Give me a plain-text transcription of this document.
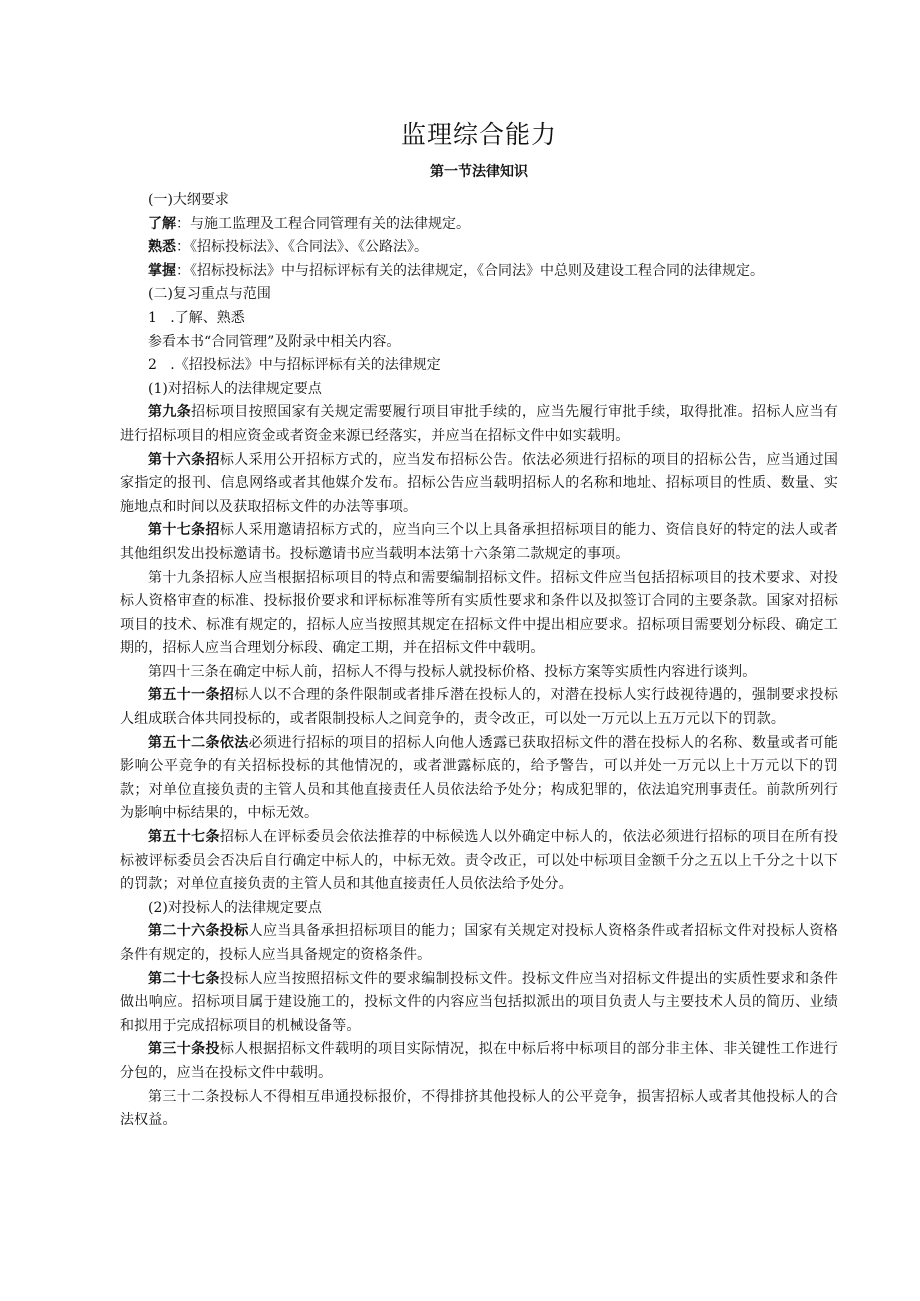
监理综合能力
第一节法律知识

(一)大纲要求

了解：与施工监理及工程合同管理有关的法律规定。

熟悉：《招标投标法》、《合同法》、《公路法》。

掌握：《招标投标法》中与招标评标有关的法律规定，《合同法》中总则及建设工程合同的法律规定。

(二)复习重点与范围

1   .了解、熟悉

参看本书“合同管理”及附录中相关内容。

2   .《招投标法》中与招标评标有关的法律规定

(1)对招标人的法律规定要点

第九条招标项目按照国家有关规定需要履行项目审批手续的，应当先履行审批手续，取得批准。招标人应当有进行招标项目的相应资金或者资金来源已经落实，并应当在招标文件中如实载明。

第十六条招标人采用公开招标方式的，应当发布招标公告。依法必须进行招标的项目的招标公告，应当通过国家指定的报刊、信息网络或者其他媒介发布。招标公告应当载明招标人的名称和地址、招标项目的性质、数量、实施地点和时间以及获取招标文件的办法等事项。

第十七条招标人采用邀请招标方式的，应当向三个以上具备承担招标项目的能力、资信良好的特定的法人或者其他组织发出投标邀请书。投标邀请书应当载明本法第十六条第二款规定的事项。

第十九条招标人应当根据招标项目的特点和需要编制招标文件。招标文件应当包括招标项目的技术要求、对投标人资格审查的标准、投标报价要求和评标标准等所有实质性要求和条件以及拟签订合同的主要条款。国家对招标项目的技术、标准有规定的，招标人应当按照其规定在招标文件中提出相应要求。招标项目需要划分标段、确定工期的，招标人应当合理划分标段、确定工期，并在招标文件中载明。

第四十三条在确定中标人前，招标人不得与投标人就投标价格、投标方案等实质性内容进行谈判。

第五十一条招标人以不合理的条件限制或者排斥潜在投标人的，对潜在投标人实行歧视待遇的，强制要求投标人组成联合体共同投标的，或者限制投标人之间竞争的，责令改正，可以处一万元以上五万元以下的罚款。

第五十二条依法必须进行招标的项目的招标人向他人透露已获取招标文件的潜在投标人的名称、数量或者可能影响公平竞争的有关招标投标的其他情况的，或者泄露标底的，给予警告，可以并处一万元以上十万元以下的罚款；对单位直接负责的主管人员和其他直接责任人员依法给予处分；构成犯罪的，依法追究刑事责任。前款所列行为影响中标结果的，中标无效。

第五十七条招标人在评标委员会依法推荐的中标候选人以外确定中标人的，依法必须进行招标的项目在所有投标被评标委员会否决后自行确定中标人的，中标无效。责令改正，可以处中标项目金额千分之五以上千分之十以下的罚款；对单位直接负责的主管人员和其他直接责任人员依法给予处分。

(2)对投标人的法律规定要点

第二十六条投标人应当具备承担招标项目的能力；国家有关规定对投标人资格条件或者招标文件对投标人资格条件有规定的，投标人应当具备规定的资格条件。

第二十七条投标人应当按照招标文件的要求编制投标文件。投标文件应当对招标文件提出的实质性要求和条件做出响应。招标项目属于建设施工的，投标文件的内容应当包括拟派出的项目负责人与主要技术人员的简历、业绩和拟用于完成招标项目的机械设备等。

第三十条投标人根据招标文件载明的项目实际情况，拟在中标后将中标项目的部分非主体、非关键性工作进行分包的，应当在投标文件中载明。

第三十二条投标人不得相互串通投标报价，不得排挤其他投标人的公平竞争，损害招标人或者其他投标人的合法权益。
